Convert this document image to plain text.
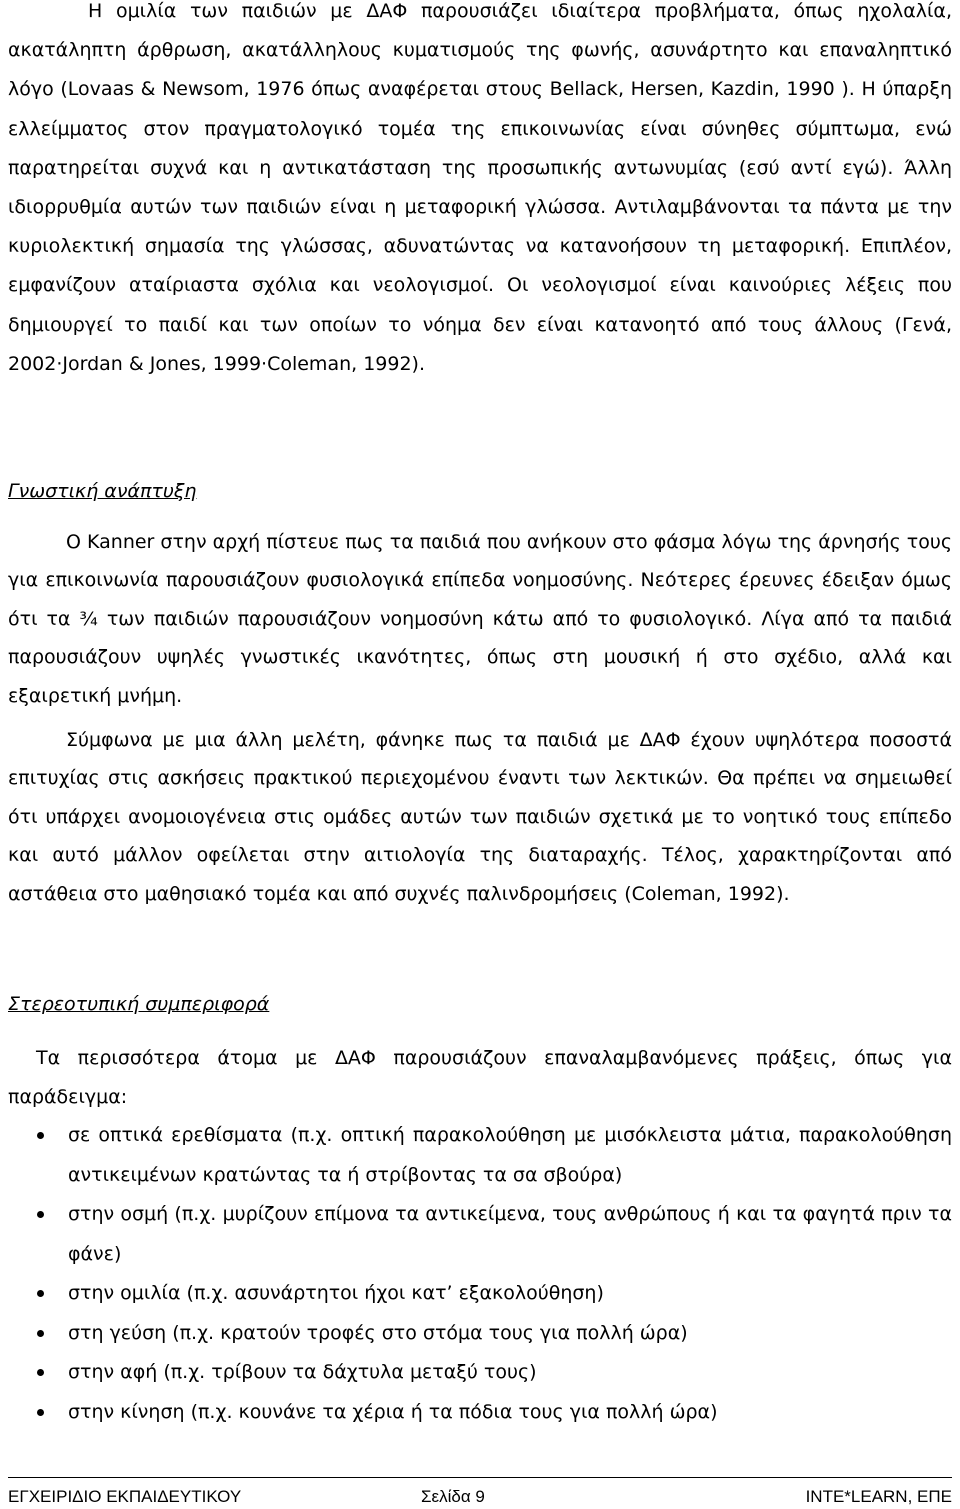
Η ομιλία των παιδιών με ΔΑΦ παρουσιάζει ιδιαίτερα προβλήματα, όπως ηχολαλία, ακατάληπτη άρθρωση, ακατάλληλους κυματισμούς της φωνής, ασυνάρτητο και επαναληπτικό λόγο (Lovaas & Newsom, 1976 όπως αναφέρεται στους Bellack, Hersen, Kazdin, 1990 ). Η ύπαρξη ελλείμματος στον πραγματολογικό τομέα της επικοινωνίας είναι σύνηθες σύμπτωμα, ενώ παρατηρείται συχνά και η αντικατάσταση της προσωπικής αντωνυμίας (εσύ αντί εγώ). Άλλη ιδιορρυθμία αυτών των παιδιών είναι η μεταφορική γλώσσα. Αντιλαμβάνονται τα πάντα με την κυριολεκτική σημασία της γλώσσας, αδυνατώντας να κατανοήσουν τη μεταφορική. Επιπλέον, εμφανίζουν αταίριαστα σχόλια και νεολογισμοί. Οι νεολογισμοί είναι καινούριες λέξεις που δημιουργεί το παιδί και των οποίων το νόημα δεν είναι κατανοητό από τους άλλους (Γενά, 2002·Jordan & Jones, 1999·Coleman, 1992).

Γνωστική ανάπτυξη

Ο Kanner στην αρχή πίστευε πως τα παιδιά που ανήκουν στο φάσμα λόγω της άρνησής τους για επικοινωνία παρουσιάζουν φυσιολογικά επίπεδα νοημοσύνης. Νεότερες έρευνες έδειξαν όμως ότι τα ¾ των παιδιών παρουσιάζουν νοημοσύνη κάτω από το φυσιολογικό. Λίγα από τα παιδιά παρουσιάζουν υψηλές γνωστικές ικανότητες, όπως στη μουσική ή στο σχέδιο, αλλά και εξαιρετική μνήμη.

Σύμφωνα με μια άλλη μελέτη, φάνηκε πως τα παιδιά με ΔΑΦ έχουν υψηλότερα ποσοστά επιτυχίας στις ασκήσεις πρακτικού περιεχομένου έναντι των λεκτικών. Θα πρέπει να σημειωθεί ότι υπάρχει ανομοιογένεια στις ομάδες αυτών των παιδιών σχετικά με το νοητικό τους επίπεδο και αυτό μάλλον οφείλεται στην αιτιολογία της διαταραχής. Τέλος, χαρακτηρίζονται από αστάθεια στο μαθησιακό τομέα και από συχνές παλινδρομήσεις (Coleman, 1992).

Στερεοτυπική συμπεριφορά

Τα περισσότερα άτομα με ΔΑΦ παρουσιάζουν επαναλαμβανόμενες πράξεις, όπως για παράδειγμα:

σε οπτικά ερεθίσματα (π.χ. οπτική παρακολούθηση με μισόκλειστα μάτια, παρακολούθηση αντικειμένων κρατώντας τα ή στρίβοντας τα σα σβούρα)
στην οσμή (π.χ. μυρίζουν επίμονα τα αντικείμενα, τους ανθρώπους ή και τα φαγητά πριν τα φάνε)
στην ομιλία (π.χ. ασυνάρτητοι ήχοι κατ’ εξακολούθηση)
στη γεύση (π.χ. κρατούν τροφές στο στόμα τους για πολλή ώρα)
στην αφή (π.χ. τρίβουν τα δάχτυλα μεταξύ τους)
στην κίνηση (π.χ. κουνάνε τα χέρια ή τα πόδια τους για πολλή ώρα)
ΕΓΧΕΙΡΙΔΙΟ ΕΚΠΑΙΔΕΥΤΙΚΟΥ	Σελίδα 9	INTE*LEARN, ΕΠΕ
